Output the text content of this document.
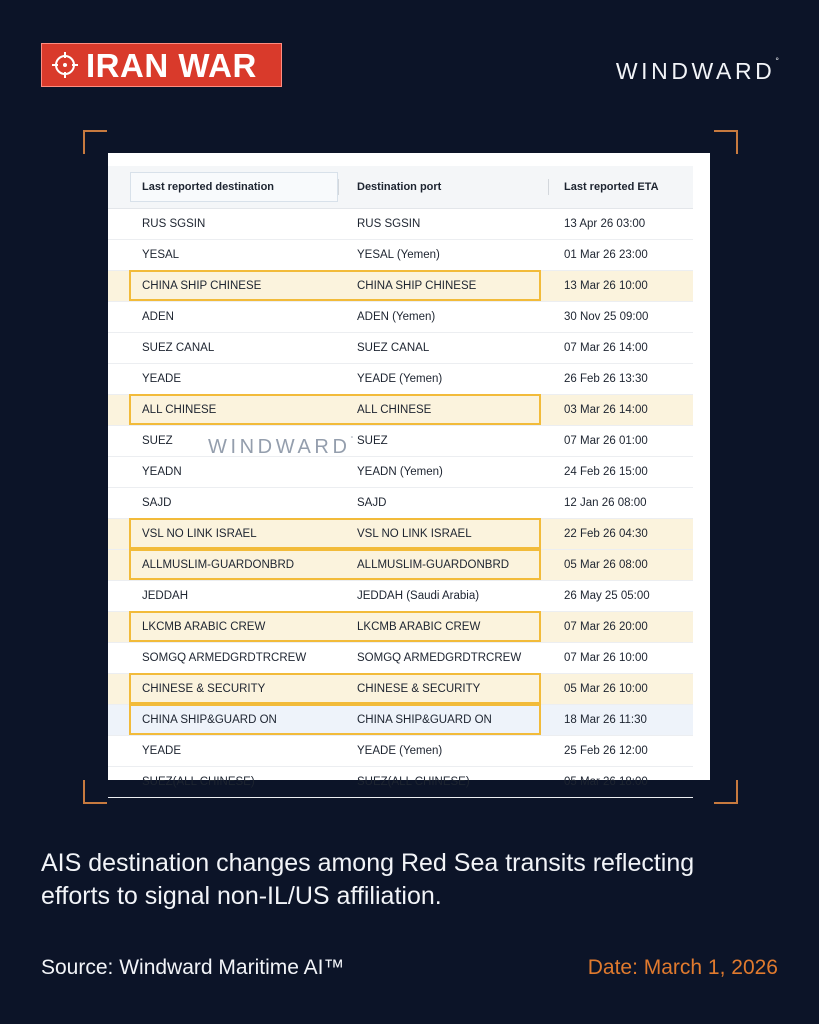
IRAN WAR	WINDWARD°
Last reported destination	Destination port	Last reported ETA
RUS SGSIN	RUS SGSIN	13 Apr 26 03:00
YESAL	YESAL (Yemen)	01 Mar 26 23:00
CHINA SHIP CHINESE	CHINA SHIP CHINESE	13 Mar 26 10:00
ADEN	ADEN (Yemen)	30 Nov 25 09:00
SUEZ CANAL	SUEZ CANAL	07 Mar 26 14:00
YEADE	YEADE (Yemen)	26 Feb 26 13:30
ALL CHINESE	ALL CHINESE	03 Mar 26 14:00
SUEZ	SUEZ	07 Mar 26 01:00
YEADN	YEADN (Yemen)	24 Feb 26 15:00
SAJD	SAJD	12 Jan 26 08:00
VSL NO LINK ISRAEL	VSL NO LINK ISRAEL	22 Feb 26 04:30
ALLMUSLIM-GUARDONBRD	ALLMUSLIM-GUARDONBRD	05 Mar 26 08:00
JEDDAH	JEDDAH (Saudi Arabia)	26 May 25 05:00
LKCMB ARABIC CREW	LKCMB ARABIC CREW	07 Mar 26 20:00
SOMGQ ARMEDGRDTRCREW	SOMGQ ARMEDGRDTRCREW	07 Mar 26 10:00
CHINESE & SECURITY	CHINESE & SECURITY	05 Mar 26 10:00
CHINA SHIP&GUARD ON	CHINA SHIP&GUARD ON	18 Mar 26 11:30
YEADE	YEADE (Yemen)	25 Feb 26 12:00
SUEZ(ALL CHINESE)	SUEZ(ALL CHINESE)	05 Mar 26 18:00
WINDWARD°
AIS destination changes among Red Sea transits reflecting efforts to signal non-IL/US affiliation.
Source: Windward Maritime AI™	Date: March 1, 2026
